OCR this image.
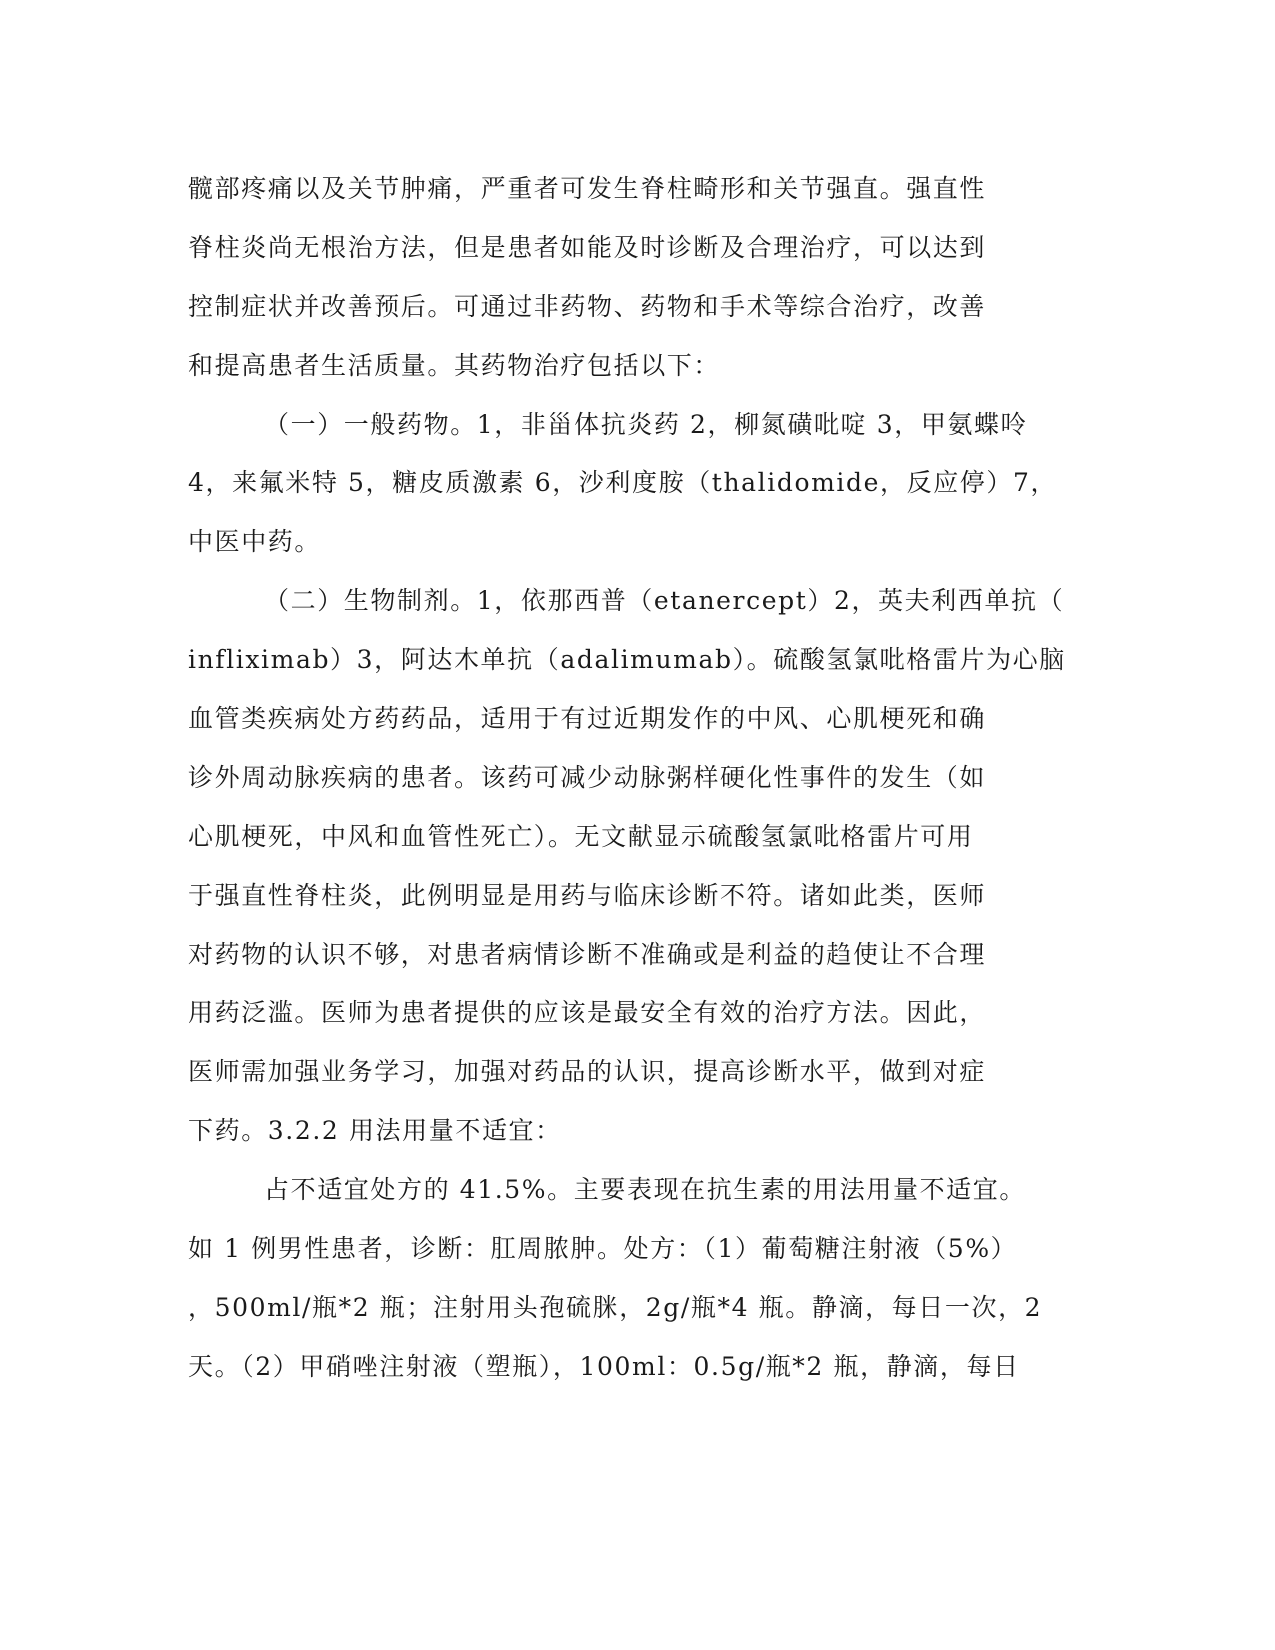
髋部疼痛以及关节肿痛，严重者可发生脊柱畸形和关节强直。强直性

脊柱炎尚无根治方法，但是患者如能及时诊断及合理治疗，可以达到

控制症状并改善预后。可通过非药物、药物和手术等综合治疗，改善

和提高患者生活质量。其药物治疗包括以下：

（一）一般药物。1，非甾体抗炎药 2，柳氮磺吡啶 3，甲氨蝶呤

4，来氟米特 5，糖皮质激素 6，沙利度胺（thalidomide，反应停）7，

中医中药。

（二）生物制剂。1，依那西普（etanercept）2，英夫利西单抗（

infliximab）3，阿达木单抗（adalimumab）。硫酸氢氯吡格雷片为心脑

血管类疾病处方药药品，适用于有过近期发作的中风、心肌梗死和确

诊外周动脉疾病的患者。该药可减少动脉粥样硬化性事件的发生（如

心肌梗死，中风和血管性死亡）。无文献显示硫酸氢氯吡格雷片可用

于强直性脊柱炎，此例明显是用药与临床诊断不符。诸如此类，医师

对药物的认识不够，对患者病情诊断不准确或是利益的趋使让不合理

用药泛滥。医师为患者提供的应该是最安全有效的治疗方法。因此，

医师需加强业务学习，加强对药品的认识，提高诊断水平，做到对症

下药。3.2.2 用法用量不适宜：

占不适宜处方的 41.5%。主要表现在抗生素的用法用量不适宜。

如 1 例男性患者，诊断：肛周脓肿。处方：（1）葡萄糖注射液（5%）

，500ml/瓶*2 瓶；注射用头孢硫脒，2g/瓶*4 瓶。静滴，每日一次，2

天。（2）甲硝唑注射液（塑瓶），100ml：0.5g/瓶*2 瓶，静滴，每日
